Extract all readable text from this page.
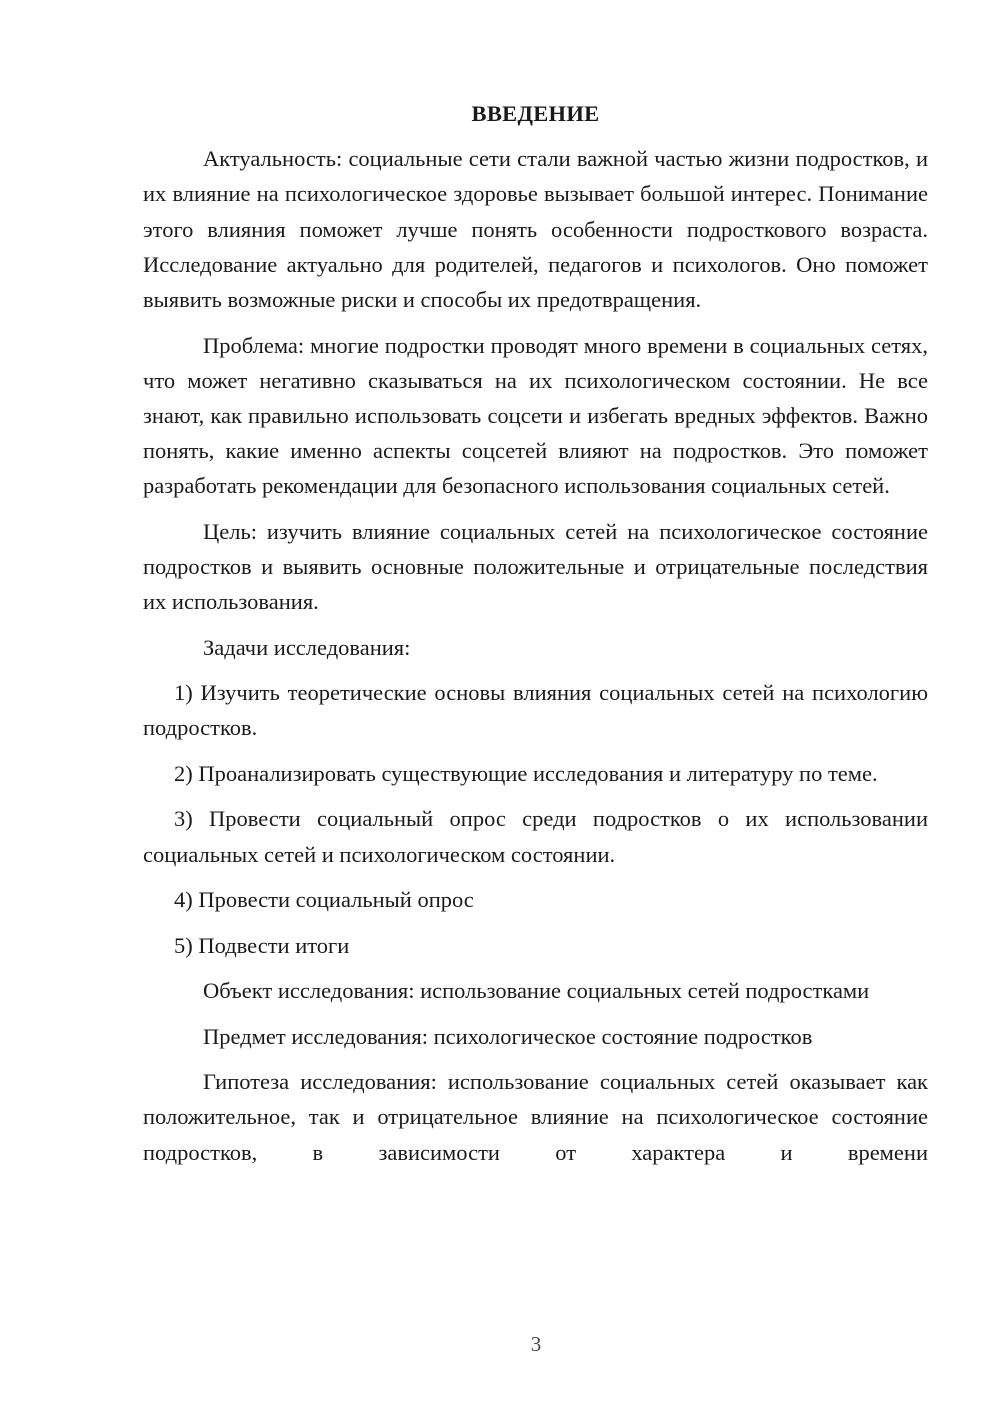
ВВЕДЕНИЕ

Актуальность: социальные сети стали важной частью жизни подростков, и их влияние на психологическое здоровье вызывает большой интерес. Понимание этого влияния поможет лучше понять особенности подросткового возраста. Исследование актуально для родителей, педагогов и психологов. Оно поможет выявить возможные риски и способы их предотвращения.

Проблема: многие подростки проводят много времени в социальных сетях, что может негативно сказываться на их психологическом состоянии. Не все знают, как правильно использовать соцсети и избегать вредных эффектов. Важно понять, какие именно аспекты соцсетей влияют на подростков. Это поможет разработать рекомендации для безопасного использования социальных сетей.

Цель: изучить влияние социальных сетей на психологическое состояние подростков и выявить основные положительные и отрицательные последствия их использования.

Задачи исследования:

1) Изучить теоретические основы влияния социальных сетей на психологию подростков.

2) Проанализировать существующие исследования и литературу по теме.

3) Провести социальный опрос среди подростков о их использовании социальных сетей и психологическом состоянии.

4) Провести социальный опрос

5) Подвести итоги

Объект исследования: использование социальных сетей подростками

Предмет исследования: психологическое состояние подростков

Гипотеза исследования: использование социальных сетей оказывает как положительное, так и отрицательное влияние на психологическое состояние подростков, в зависимости от характера и времени

3
